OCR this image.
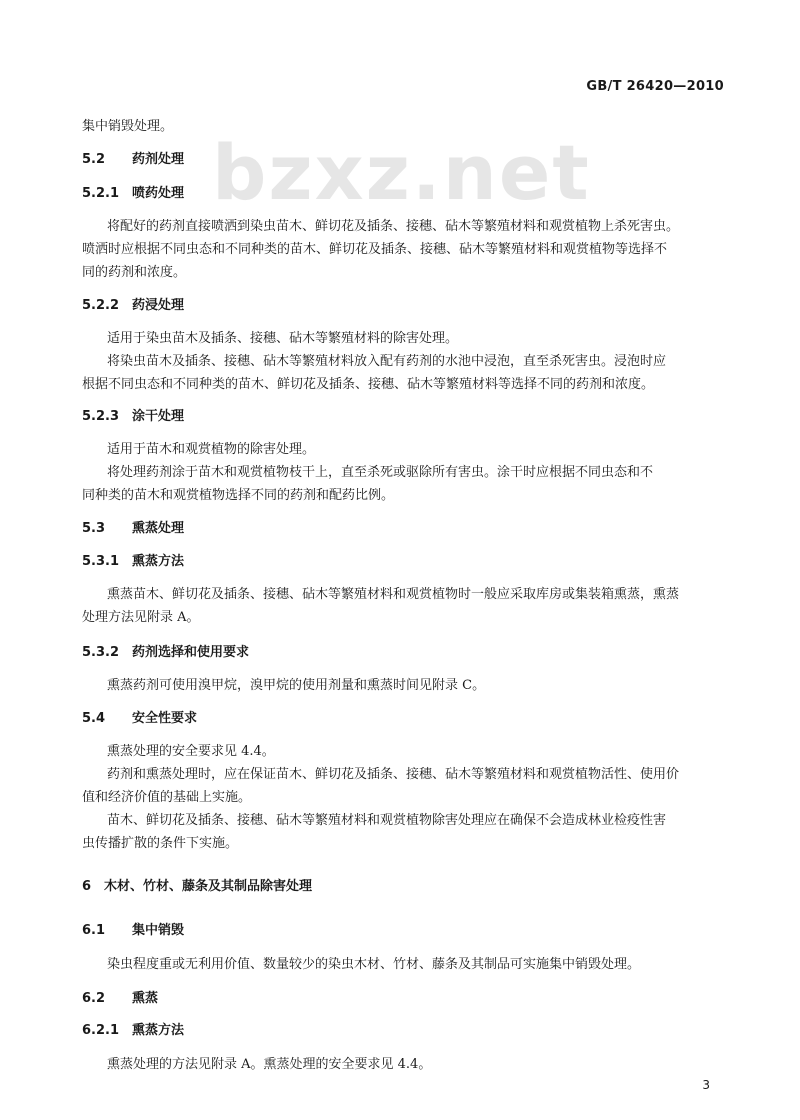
bzxz.net
GB/T 26420—2010
集中销毁处理。
5.2 药剂处理
5.2.1 喷药处理
将配好的药剂直接喷洒到染虫苗木、鲜切花及插条、接穗、砧木等繁殖材料和观赏植物上杀死害虫。
喷洒时应根据不同虫态和不同种类的苗木、鲜切花及插条、接穗、砧木等繁殖材料和观赏植物等选择不
同的药剂和浓度。
5.2.2 药浸处理
适用于染虫苗木及插条、接穗、砧木等繁殖材料的除害处理。
将染虫苗木及插条、接穗、砧木等繁殖材料放入配有药剂的水池中浸泡，直至杀死害虫。浸泡时应
根据不同虫态和不同种类的苗木、鲜切花及插条、接穗、砧木等繁殖材料等选择不同的药剂和浓度。
5.2.3 涂干处理
适用于苗木和观赏植物的除害处理。
将处理药剂涂于苗木和观赏植物枝干上，直至杀死或驱除所有害虫。涂干时应根据不同虫态和不
同种类的苗木和观赏植物选择不同的药剂和配药比例。
5.3 熏蒸处理
5.3.1 熏蒸方法
熏蒸苗木、鲜切花及插条、接穗、砧木等繁殖材料和观赏植物时一般应采取库房或集装箱熏蒸，熏蒸
处理方法见附录 A。
5.3.2 药剂选择和使用要求
熏蒸药剂可使用溴甲烷，溴甲烷的使用剂量和熏蒸时间见附录 C。
5.4 安全性要求
熏蒸处理的安全要求见 4.4。
药剂和熏蒸处理时，应在保证苗木、鲜切花及插条、接穗、砧木等繁殖材料和观赏植物活性、使用价
值和经济价值的基础上实施。
苗木、鲜切花及插条、接穗、砧木等繁殖材料和观赏植物除害处理应在确保不会造成林业检疫性害
虫传播扩散的条件下实施。
6 木材、竹材、藤条及其制品除害处理
6.1 集中销毁
染虫程度重或无利用价值、数量较少的染虫木材、竹材、藤条及其制品可实施集中销毁处理。
6.2 熏蒸
6.2.1 熏蒸方法
熏蒸处理的方法见附录 A。熏蒸处理的安全要求见 4.4。
3
